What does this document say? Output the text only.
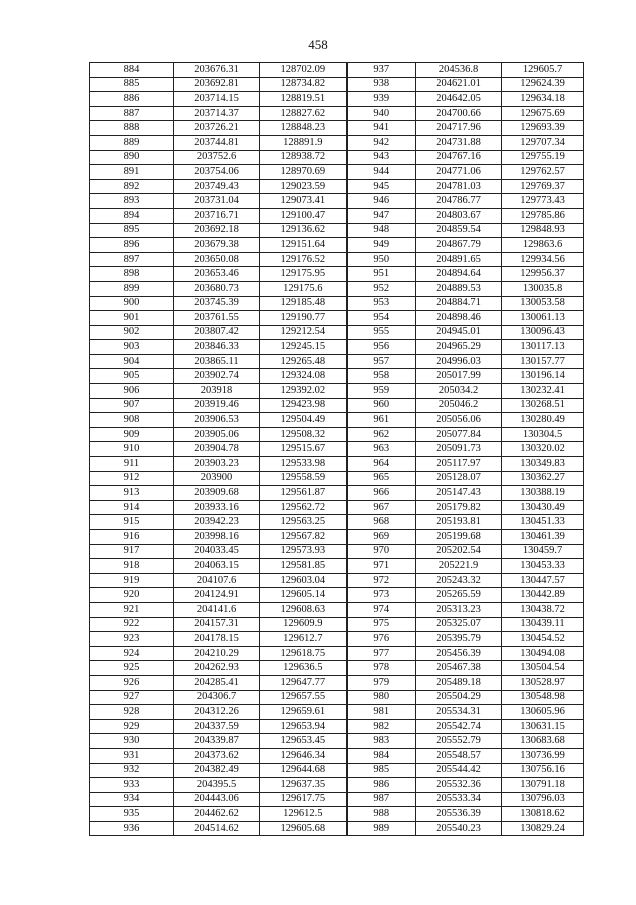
458
884	203676.31	128702.09	937	204536.8	129605.7
885	203692.81	128734.82	938	204621.01	129624.39
886	203714.15	128819.51	939	204642.05	129634.18
887	203714.37	128827.62	940	204700.66	129675.69
888	203726.21	128848.23	941	204717.96	129693.39
889	203744.81	128891.9	942	204731.88	129707.34
890	203752.6	128938.72	943	204767.16	129755.19
891	203754.06	128970.69	944	204771.06	129762.57
892	203749.43	129023.59	945	204781.03	129769.37
893	203731.04	129073.41	946	204786.77	129773.43
894	203716.71	129100.47	947	204803.67	129785.86
895	203692.18	129136.62	948	204859.54	129848.93
896	203679.38	129151.64	949	204867.79	129863.6
897	203650.08	129176.52	950	204891.65	129934.56
898	203653.46	129175.95	951	204894.64	129956.37
899	203680.73	129175.6	952	204889.53	130035.8
900	203745.39	129185.48	953	204884.71	130053.58
901	203761.55	129190.77	954	204898.46	130061.13
902	203807.42	129212.54	955	204945.01	130096.43
903	203846.33	129245.15	956	204965.29	130117.13
904	203865.11	129265.48	957	204996.03	130157.77
905	203902.74	129324.08	958	205017.99	130196.14
906	203918	129392.02	959	205034.2	130232.41
907	203919.46	129423.98	960	205046.2	130268.51
908	203906.53	129504.49	961	205056.06	130280.49
909	203905.06	129508.32	962	205077.84	130304.5
910	203904.78	129515.67	963	205091.73	130320.02
911	203903.23	129533.98	964	205117.97	130349.83
912	203900	129558.59	965	205128.07	130362.27
913	203909.68	129561.87	966	205147.43	130388.19
914	203933.16	129562.72	967	205179.82	130430.49
915	203942.23	129563.25	968	205193.81	130451.33
916	203998.16	129567.82	969	205199.68	130461.39
917	204033.45	129573.93	970	205202.54	130459.7
918	204063.15	129581.85	971	205221.9	130453.33
919	204107.6	129603.04	972	205243.32	130447.57
920	204124.91	129605.14	973	205265.59	130442.89
921	204141.6	129608.63	974	205313.23	130438.72
922	204157.31	129609.9	975	205325.07	130439.11
923	204178.15	129612.7	976	205395.79	130454.52
924	204210.29	129618.75	977	205456.39	130494.08
925	204262.93	129636.5	978	205467.38	130504.54
926	204285.41	129647.77	979	205489.18	130528.97
927	204306.7	129657.55	980	205504.29	130548.98
928	204312.26	129659.61	981	205534.31	130605.96
929	204337.59	129653.94	982	205542.74	130631.15
930	204339.87	129653.45	983	205552.79	130683.68
931	204373.62	129646.34	984	205548.57	130736.99
932	204382.49	129644.68	985	205544.42	130756.16
933	204395.5	129637.35	986	205532.36	130791.18
934	204443.06	129617.75	987	205533.34	130796.03
935	204462.62	129612.5	988	205536.39	130818.62
936	204514.62	129605.68	989	205540.23	130829.24
